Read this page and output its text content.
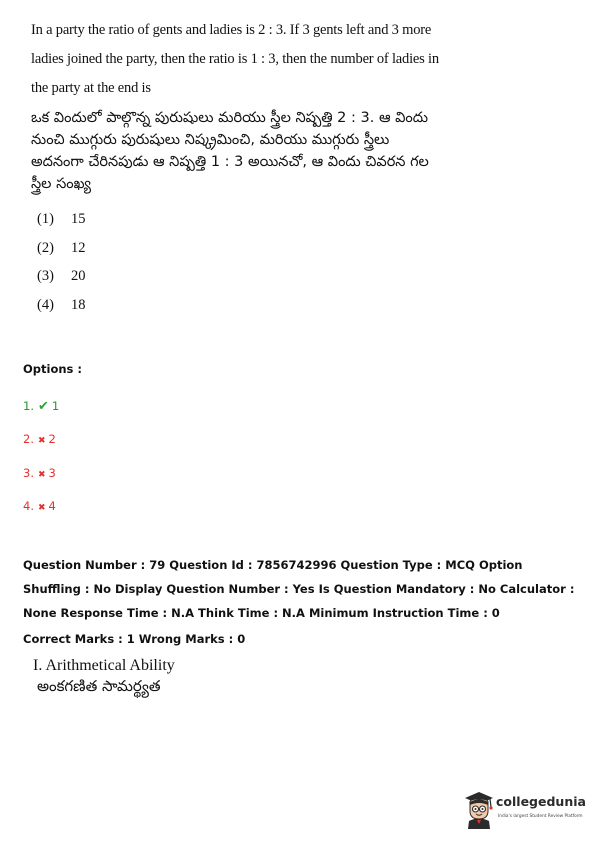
In a party the ratio of gents and ladies is 2 : 3. If 3 gents left and 3 more ladies joined the party, then the ratio is 1 : 3, then the number of ladies in the party at the end is

ఒక విందులో పాల్గొన్న పురుషులు మరియు స్త్రీల నిష్పత్తి 2 : 3. ఆ విందు నుంచి ముగ్గురు పురుషులు నిష్క్రమించి, మరియు ముగ్గురు స్త్రీలు అదనంగా చేరినపుడు ఆ నిష్పత్తి 1 : 3 అయినచో, ఆ విందు చివరన గల స్త్రీల సంఖ్య

(1) 15
(2) 12
(3) 20
(4) 18

Options :

1. ✔ 1
2. ✖ 2
3. ✖ 3
4. ✖ 4

Question Number : 79 Question Id : 7856742996 Question Type : MCQ Option Shuffling : No Display Question Number : Yes Is Question Mandatory : No Calculator : None Response Time : N.A Think Time : N.A Minimum Instruction Time : 0

Correct Marks : 1 Wrong Marks : 0

I. Arithmetical Ability

అంకగణిత సామర్థ్యత

collegedunia
India's largest Student Review Platform
